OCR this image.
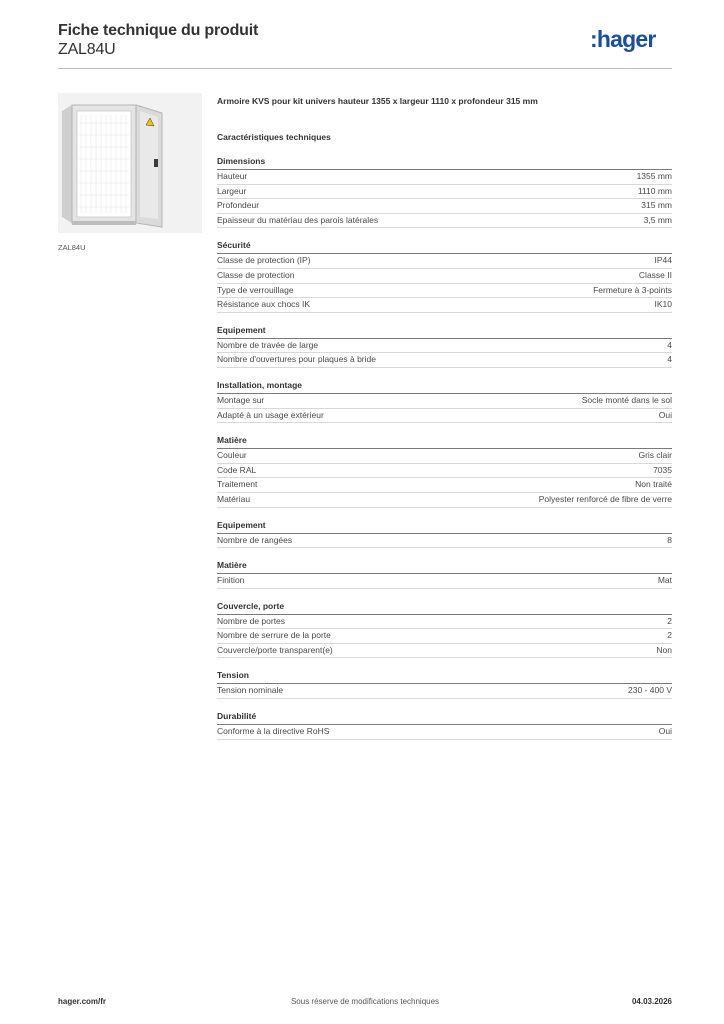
Fiche technique du produit
ZAL84U	:hager
ZAL84U
Armoire KVS pour kit univers hauteur 1355 x largeur 1110 x profondeur 315 mm
Caractéristiques techniques
Dimensions
Hauteur	1355 mm
Largeur	1110 mm
Profondeur	315 mm
Epaisseur du matériau des parois latérales	3,5 mm
Sécurité
Classe de protection (IP)	IP44
Classe de protection	Classe II
Type de verrouillage	Fermeture à 3-points
Résistance aux chocs IK	IK10
Equipement
Nombre de travée de large	4
Nombre d'ouvertures pour plaques à bride	4
Installation, montage
Montage sur	Socle monté dans le sol
Adapté à un usage extérieur	Oui
Matière
Couleur	Gris clair
Code RAL	7035
Traitement	Non traité
Matériau	Polyester renforcé de fibre de verre
Equipement
Nombre de rangées	8
Matière
Finition	Mat
Couvercle, porte
Nombre de portes	2
Nombre de serrure de la porte	2
Couvercle/porte transparent(e)	Non
Tension
Tension nominale	230 - 400 V
Durabilité
Conforme à la directive RoHS	Oui
hager.com/fr	Sous réserve de modifications techniques	04.03.2026
